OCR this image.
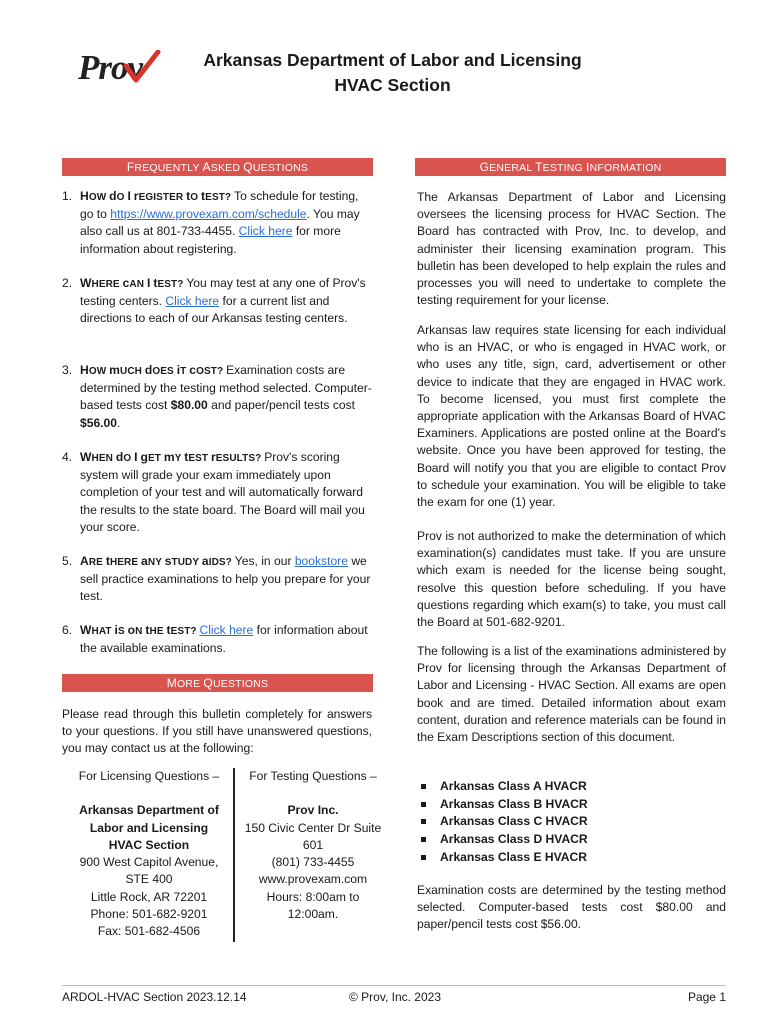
Prov	Arkansas Department of Labor and Licensing
HVAC Section
FREQUENTLY ASKED QUESTIONS	GENERAL TESTING INFORMATION
MORE QUESTIONS
1. HOW dO I rEGISTER tO tEST? To schedule for testing, go to https://www.provexam.com/schedule. You may also call us at 801-733-4455. Click here for more information about registering.
2. WHERE cAN I tEST? You may test at any one of Prov's testing centers. Click here for a current list and directions to each of our Arkansas testing centers.
3. HOW mUCH dOES iT cOST? Examination costs are determined by the testing method selected. Computer-based tests cost $80.00 and paper/pencil tests cost $56.00.
4. WHEN dO I gET mY tEST rESULTS? Prov's scoring system will grade your exam immediately upon completion of your test and will automatically forward the results to the state board. The Board will mail you your score.
5. ARE tHERE aNY sTUDY aIDS? Yes, in our bookstore we sell practice examinations to help you prepare for your test.
6. WHAT iS oN tHE tEST? Click here for information about the available examinations.
Please read through this bulletin completely for answers to your questions. If you still have unanswered questions, you may contact us at the following:
For Licensing Questions –
Arkansas Department of Labor and Licensing HVAC Section
900 West Capitol Avenue, STE 400
Little Rock, AR 72201
Phone: 501-682-9201
Fax: 501-682-4506
For Testing Questions –
Prov Inc.
150 Civic Center Dr Suite 601
(801) 733-4455
www.provexam.com
Hours: 8:00am to 12:00am.
The Arkansas Department of Labor and Licensing oversees the licensing process for HVAC Section. The Board has contracted with Prov, Inc. to develop, and administer their licensing examination program. This bulletin has been developed to help explain the rules and processes you will need to undertake to complete the testing requirement for your license.
Arkansas law requires state licensing for each individual who is an HVAC, or who is engaged in HVAC work, or who uses any title, sign, card, advertisement or other device to indicate that they are engaged in HVAC work. To become licensed, you must first complete the appropriate application with the Arkansas Board of HVAC Examiners. Applications are posted online at the Board's website. Once you have been approved for testing, the Board will notify you that you are eligible to contact Prov to schedule your examination. You will be eligible to take the exam for one (1) year.
Prov is not authorized to make the determination of which examination(s) candidates must take. If you are unsure which exam is needed for the license being sought, resolve this question before scheduling. If you have questions regarding which exam(s) to take, you must call the Board at 501-682-9201.
The following is a list of the examinations administered by Prov for licensing through the Arkansas Department of Labor and Licensing - HVAC Section. All exams are open book and are timed. Detailed information about exam content, duration and reference materials can be found in the Exam Descriptions section of this document.
Arkansas Class A HVACR
Arkansas Class B HVACR
Arkansas Class C HVACR
Arkansas Class D HVACR
Arkansas Class E HVACR
Examination costs are determined by the testing method selected. Computer-based tests cost $80.00 and paper/pencil tests cost $56.00.
ARDOL-HVAC Section 2023.12.14	© Prov, Inc. 2023	Page 1
